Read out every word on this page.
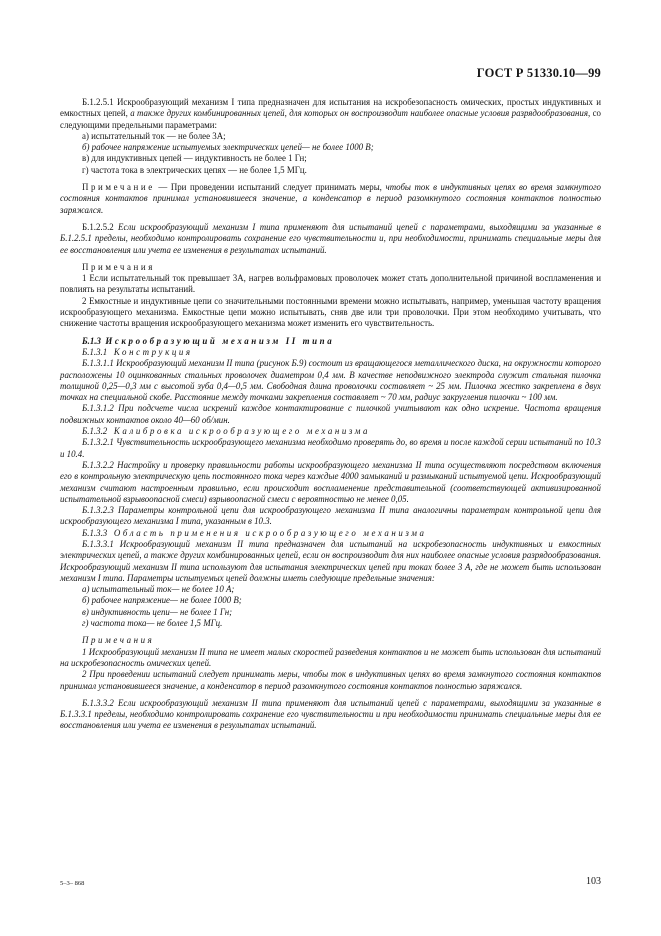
ГОСТ Р 51330.10—99

Б.1.2.5.1 Искрообразующий механизм I типа предназначен для испытания на искробезопасность омических, простых индуктивных и емкостных цепей, а также других комбинированных цепей, для которых он воспроизводит наиболее опасные условия разрядообразования, со следующими предельными параметрами:

а) испытательный ток — не более 3А;

б) рабочее напряжение испытуемых электрических цепей— не более 1000 В;

в) для индуктивных цепей — индуктивность не более 1 Гн;

г) частота тока в электрических цепях — не более 1,5 МГц.

Примечание — При проведении испытаний следует принимать меры, чтобы ток в индуктивных цепях во время замкнутого состояния контактов принимал установившееся значение, а конденсатор в период разомкнутого состояния контактов полностью заряжался.

Б.1.2.5.2 Если искрообразующий механизм I типа применяют для испытаний цепей с параметрами, выходящими за указанные в Б.1.2.5.1 пределы, необходимо контролировать сохранение его чувствительности и, при необходимости, принимать специальные меры для ее восстановления или учета ее изменения в результатах испытаний.

Примечания

1 Если испытательный ток превышает 3А, нагрев вольфрамовых проволочек может стать дополнительной причиной воспламенения и повлиять на результаты испытаний.

2 Емкостные и индуктивные цепи со значительными постоянными времени можно испытывать, например, уменьшая частоту вращения искрообразующего механизма. Емкостные цепи можно испытывать, сняв две или три проволочки. При этом необходимо учитывать, что снижение частоты вращения искрообразующего механизма может изменить его чувствительность.

Б.1.3 Искрообразующий механизм II типа

Б.1.3.1 Конструкция

Б.1.3.1.1 Искрообразующий механизм II типа (рисунок Б.9) состоит из вращающегося металлического диска, на окружности которого расположены 10 оцинкованных стальных проволочек диаметром 0,4 мм. В качестве неподвижного электрода служит стальная пилочка толщиной 0,25—0,3 мм с высотой зуба 0,4—0,5 мм. Свободная длина проволочки составляет ~ 25 мм. Пилочка жестко закреплена в двух точках на специальной скобе. Расстояние между точками закрепления составляет ~ 70 мм, радиус закругления пилочки ~ 100 мм.

Б.1.3.1.2 При подсчете числа искрений каждое контактирование с пилочкой учитывают как одно искрение. Частота вращения подвижных контактов около 40—60 об/мин.

Б.1.3.2 Калибровка искрообразующего механизма

Б.1.3.2.1 Чувствительность искрообразующего механизма необходимо проверять до, во время и после каждой серии испытаний по 10.3 и 10.4.

Б.1.3.2.2 Настройку и проверку правильности работы искрообразующего механизма II типа осуществляют посредством включения его в контрольную электрическую цепь постоянного тока через каждые 4000 замыканий и размыканий испытуемой цепи. Искрообразующий механизм считают настроенным правильно, если происходит воспламенение представительной (соответствующей активизированной испытательной взрывоопасной смеси) взрывоопасной смеси с вероятностью не менее 0,05.

Б.1.3.2.3 Параметры контрольной цепи для искрообразующего механизма II типа аналогичны параметрам контрольной цепи для искрообразующего механизма I типа, указанным в 10.3.

Б.1.3.3 Область применения искрообразующего механизма

Б.1.3.3.1 Искрообразующий механизм II типа предназначен для испытаний на искробезопасность индуктивных и емкостных электрических цепей, а также других комбинированных цепей, если он воспроизводит для них наиболее опасные условия разрядообразования. Искрообразующий механизм II типа используют для испытания электрических цепей при токах более 3 А, где не может быть использован механизм I типа. Параметры испытуемых цепей должны иметь следующие предельные значения:

а) испытательный ток— не более 10 А;

б) рабочее напряжение— не более 1000 В;

в) индуктивность цепи— не более 1 Гн;

г) частота тока— не более 1,5 МГц.

Примечания

1 Искрообразующий механизм II типа не имеет малых скоростей разведения контактов и не может быть использован для испытаний на искробезопасность омических цепей.

2 При проведении испытаний следует принимать меры, чтобы ток в индуктивных цепях во время замкнутого состояния контактов принимал установившееся значение, а конденсатор в период разомкнутого состояния контактов полностью заряжался.

Б.1.3.3.2 Если искрообразующий механизм II типа применяют для испытаний цепей с параметрами, выходящими за указанные в Б.1.3.3.1 пределы, необходимо контролировать сохранение его чувствительности и при необходимости принимать специальные меры для ее восстановления или учета ее изменения в результатах испытаний.

5–3– 868	103
